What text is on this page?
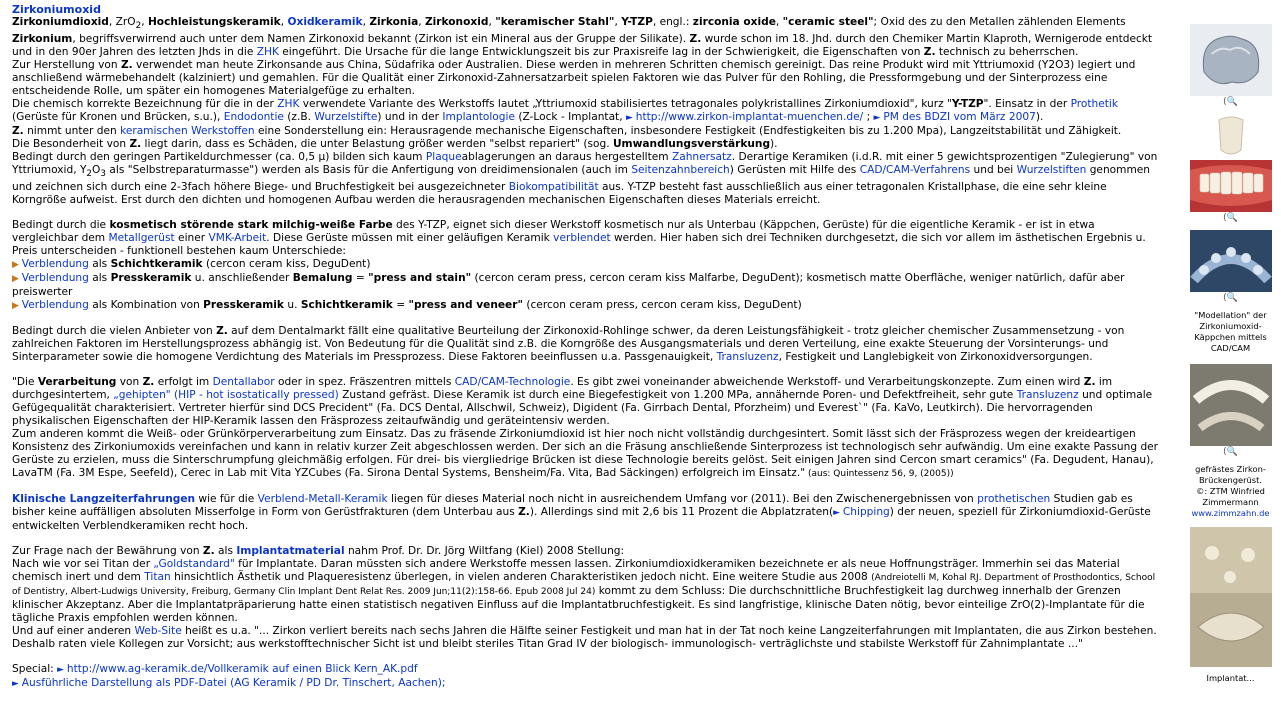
Zirkoniumoxid

Zirkoniumdioxid, ZrO$_2$, Hochleistungskeramik, Oxidkeramik, Zirkonia, Zirkonoxid, "keramischer Stahl", Y-TZP, engl.: zirconia oxide, "ceramic steel"; Oxid des zu den Metallen zählenden Elements Zirkonium, begriffsverwirrend auch unter dem Namen Zirkonoxid bekannt (Zirkon ist ein Mineral aus der Gruppe der Silikate). Z. wurde schon im 18. Jhd. durch den Chemiker Martin Klaproth, Wernigerode entdeckt und in den 90er Jahren des letzten Jhds in die ZHK eingeführt. Die Ursache für die lange Entwicklungszeit bis zur Praxisreife lag in der Schwierigkeit, die Eigenschaften von Z. technisch zu beherrschen.
Zur Herstellung von Z. verwendet man heute Zirkonsande aus China, Südafrika oder Australien. Diese werden in mehreren Schritten chemisch gereinigt. Das reine Produkt wird mit Yttriumoxid (Y2O3) legiert und anschließend wärmebehandelt (kalziniert) und gemahlen. Für die Qualität einer Zirkonoxid-Zahnersatzarbeit spielen Faktoren wie das Pulver für den Rohling, die Pressformgebung und der Sinterprozess eine entscheidende Rolle, um später ein homogenes Materialgefüge zu erhalten.
Die chemisch korrekte Bezeichnung für die in der ZHK verwendete Variante des Werkstoffs lautet „Yttriumoxid stabilisiertes tetragonales polykristallines Zirkoniumdioxid", kurz "Y-TZP". Einsatz in der Prothetik (Gerüste für Kronen und Brücken, s.u.), Endodontie (z.B. Wurzelstifte) und in der Implantologie (Z-Lock - Implantat, ► http://www.zirkon-implantat-muenchen.de/ ; ► PM des BDZI vom März 2007).
Z. nimmt unter den keramischen Werkstoffen eine Sonderstellung ein: Herausragende mechanische Eigenschaften, insbesondere Festigkeit (Endfestigkeiten bis zu 1.200 Mpa), Langzeitstabilität und Zähigkeit.
Die Besonderheit von Z. liegt darin, dass es Schäden, die unter Belastung größer werden "selbst repariert" (sog. Umwandlungsverstärkung).
Bedingt durch den geringen Partikeldurchmesser (ca. 0,5 µ) bilden sich kaum Plaqueablagerungen an daraus hergestelltem Zahnersatz. Derartige Keramiken (i.d.R. mit einer 5 gewichtsprozentigen "Zulegierung" von Yttriumoxid, $Y_2O_3$ als "Selbstreparaturmasse") werden als Basis für die Anfertigung von dreidimensionalen (auch im Seitenzahnbereich) Gerüsten mit Hilfe des CAD/CAM-Verfahrens und bei Wurzelstiften genommen und zeichnen sich durch eine 2-3fach höhere Biege- und Bruchfestigkeit bei ausgezeichneter Biokompatibilität aus. Y-TZP besteht fast ausschließlich aus einer tetragonalen Kristallphase, die eine sehr kleine Korngröße aufweist. Erst durch den dichten und homogenen Aufbau werden die herausragenden mechanischen Eigenschaften dieses Materials erreicht.

Bedingt durch die kosmetisch störende stark milchig-weiße Farbe des Y-TZP, eignet sich dieser Werkstoff kosmetisch nur als Unterbau (Käppchen, Gerüste) für die eigentliche Keramik - er ist in etwa vergleichbar dem Metallgerüst einer VMK-Arbeit. Diese Gerüste müssen mit einer geläufigen Keramik verblendet werden. Hier haben sich drei Techniken durchgesetzt, die sich vor allem im ästhetischen Ergebnis u. Preis unterscheiden - funktionell bestehen kaum Unterschiede:
▶ Verblendung als Schichtkeramik (cercon ceram kiss, DeguDent)
▶ Verblendung als Presskeramik u. anschließender Bemalung = "press and stain" (cercon ceram press, cercon ceram kiss Malfarbe, DeguDent); kosmetisch matte Oberfläche, weniger natürlich, dafür aber preiswerter
▶ Verblendung als Kombination von Presskeramik u. Schichtkeramik = "press and veneer" (cercon ceram press, cercon ceram kiss, DeguDent)

Bedingt durch die vielen Anbieter von Z. auf dem Dentalmarkt fällt eine qualitative Beurteilung der Zirkonoxid-Rohlinge schwer, da deren Leistungsfähigkeit - trotz gleicher chemischer Zusammensetzung - von zahlreichen Faktoren im Herstellungsprozess abhängig ist. Von Bedeutung für die Qualität sind z.B. die Korngröße des Ausgangsmaterials und deren Verteilung, eine exakte Steuerung der Vorsinterungs- und Sinterparameter sowie die homogene Verdichtung des Materials im Pressprozess. Diese Faktoren beeinflussen u.a. Passgenauigkeit, Transluzenz, Festigkeit und Langlebigkeit von Zirkonoxidversorgungen.

"Die Verarbeitung von Z. erfolgt im Dentallabor oder in spez. Fräszentren mittels CAD/CAM-Technologie. Es gibt zwei voneinander abweichende Werkstoff- und Verarbeitungskonzepte. Zum einen wird Z. im durchgesintertem, „gehipten" (HIP - hot isostatically pressed) Zustand gefräst. Diese Keramik ist durch eine Biegefestigkeit von 1.200 MPa, annähernde Poren- und Defektfreiheit, sehr gute Transluzenz und optimale Gefügequalität charakterisiert. Vertreter hierfür sind DCS Precident" (Fa. DCS Dental, Allschwil, Schweiz), Digident (Fa. Girrbach Dental, Pforzheim) und Everest`" (Fa. KaVo, Leutkirch). Die hervorragenden physikalischen Eigenschaften der HIP-Keramik lassen den Fräsprozess zeitaufwändig und geräteintensiv werden.
Zum anderen kommt die Weiß- oder Grünkörperverarbeitung zum Einsatz. Das zu fräsende Zirkoniumdioxid ist hier noch nicht vollständig durchgesintert. Somit lässt sich der Fräsprozess wegen der kreideartigen Konsistenz des Zirkoniumoxids vereinfachen und kann in relativ kurzer Zeit abgeschlossen werden. Der sich an die Fräsung anschließende Sinterprozess ist technologisch sehr aufwändig. Um eine exakte Passung der Gerüste zu erzielen, muss die Sinterschrumpfung gleichmäßig erfolgen. Für drei- bis viergliedrige Brücken ist diese Technologie bereits gelöst. Seit einigen Jahren sind Cercon smart ceramics" (Fa. Degudent, Hanau), LavaTM (Fa. 3M Espe, Seefeld), Cerec in Lab mit Vita YZCubes (Fa. Sirona Dental Systems, Bensheim/Fa. Vita, Bad Säckingen) erfolgreich im Einsatz." (aus: Quintessenz 56, 9, (2005))

Klinische Langzeiterfahrungen wie für die Verblend-Metall-Keramik liegen für dieses Material noch nicht in ausreichendem Umfang vor (2011). Bei den Zwischenergebnissen von prothetischen Studien gab es bisher keine auffälligen absoluten Misserfolge in Form von Gerüstfrakturen (dem Unterbau aus Z.). Allerdings sind mit 2,6 bis 11 Prozent die Abplatzraten(► Chipping) der neuen, speziell für Zirkoniumdioxid-Gerüste entwickelten Verblendkeramiken recht hoch.

Zur Frage nach der Bewährung von Z. als Implantatmaterial nahm Prof. Dr. Dr. Jörg Wiltfang (Kiel) 2008 Stellung:
Nach wie vor sei Titan der „Goldstandard" für Implantate. Daran müssten sich andere Werkstoffe messen lassen. Zirkoniumdioxidkeramiken bezeichnete er als neue Hoffnungsträger. Immerhin sei das Material chemisch inert und dem Titan hinsichtlich Ästhetik und Plaqueresistenz überlegen, in vielen anderen Charakteristiken jedoch nicht. Eine weitere Studie aus 2008 (Andreiotelli M, Kohal RJ. Department of Prosthodontics, School of Dentistry, Albert-Ludwigs University, Freiburg, Germany Clin Implant Dent Relat Res. 2009 Jun;11(2):158-66. Epub 2008 Jul 24) kommt zu dem Schluss: Die durchschnittliche Bruchfestigkeit lag durchweg innerhalb der Grenzen klinischer Akzeptanz. Aber die Implantatpräparierung hatte einen statistisch negativen Einfluss auf die Implantatbruchfestigkeit. Es sind langfristige, klinische Daten nötig, bevor einteilige ZrO(2)-Implantate für die tägliche Praxis empfohlen werden können.
Und auf einer anderen Web-Site heißt es u.a. "... Zirkon verliert bereits nach sechs Jahren die Hälfte seiner Festigkeit und man hat in der Tat noch keine Langzeiterfahrungen mit Implantaten, die aus Zirkon bestehen. Deshalb raten viele Kollegen zur Vorsicht; aus werkstofftechnischer Sicht ist und bleibt steriles Titan Grad IV der biologisch- immunologisch- verträglichste und stabilste Werkstoff für Zahnimplantate ..."

Special: ► http://www.ag-keramik.de/Vollkeramik auf einen Blick Kern_AK.pdf
► Ausführliche Darstellung als PDF-Datei (AG Keramik / PD Dr. Tinschert, Aachen);
(🔍
(🔍
(🔍
"Modellation" der Zirkoniumoxid-Käppchen mittels CAD/CAM
(🔍
gefrästes Zirkon-
Brückengerüst.
©: ZTM Winfried
Zimmermann
www.zimmzahn.de
Implantat...
